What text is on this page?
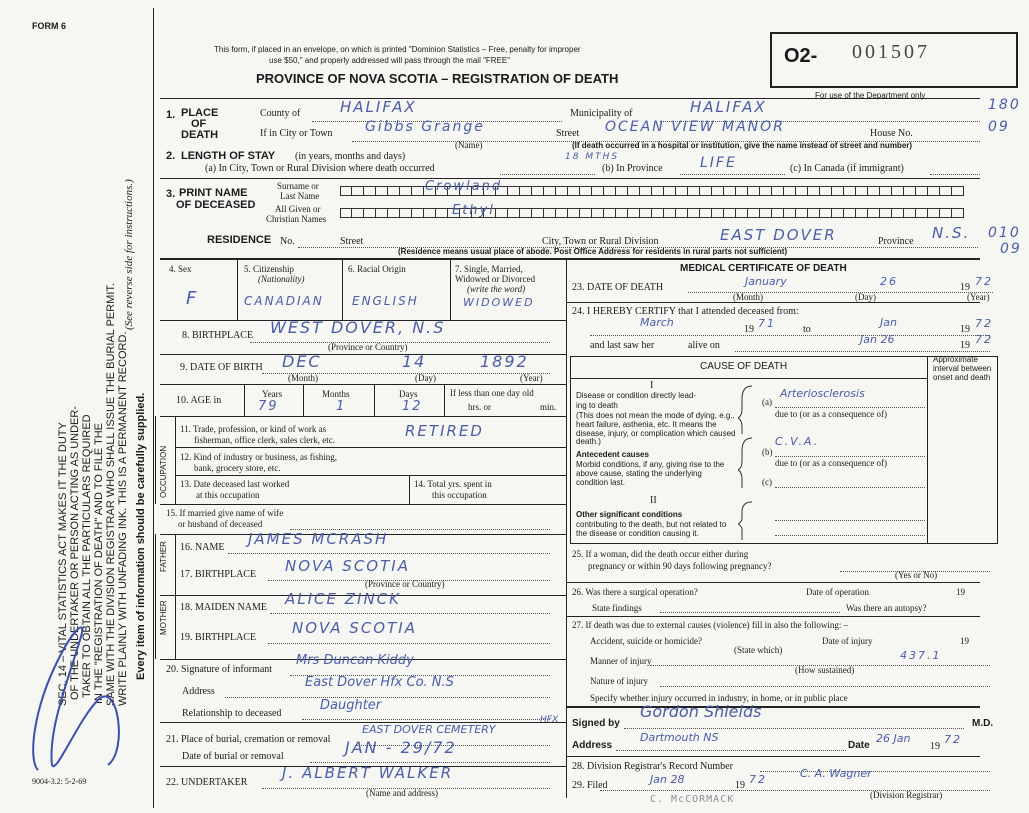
FORM 6
SEC. 14 – VITAL STATISTICS ACT MAKES IT THE DUTY OF THE UNDERTAKER OR PERSON ACTING AS UNDER- TAKER TO OBTAIN ALL THE PARTICULARS REQUIRED IN THE "REGISTRATION OF DEATH" AND TO FILE THE SAME WITH THE DIVISION REGISTRAR WHO SHALL ISSUE THE BURIAL PERMIT. WRITE PLAINLY WITH UNFADING INK. THIS IS A PERMANENT RECORD.
(See reverse side for instructions.)
Every item of information should be carefully supplied.
9004-3.2: 5-2-69
This form, if placed in an envelope, on which is printed "Dominion Statistics – Free, penalty for improper
use $50," and properly addressed will pass through the mail "FREE"
PROVINCE OF NOVA SCOTIA – REGISTRATION OF DEATH
O2- 001507
For use of the Department only
180
09
010
09
1. PLACE
OF
DEATH
County of	HALIFAX	Municipality of	HALIFAX
If in City or Town Gibbs Grange	Street OCEAN VIEW MANOR	House No.
(Name)	(If death occurred in a hospital or institution, give the name instead of street and number)
2. LENGTH OF STAY (in years, months and days)
(a) In City, Town or Rural Division where death occurred
18 MTHS
(b) In Province	LIFE	(c) In Canada (if immigrant)
3. PRINT NAME
OF DECEASED
Surname or
Last Name
All Given or
Christian Names
Crowland
Ethyl
RESIDENCE No.	Street	City, Town or Rural Division	EAST DOVER	Province N.S.
(Residence means usual place of abode. Post Office Address for residents in rural parts not sufficient)
4. Sex
F
5. Citizenship
(Nationality)
CANADIAN
6. Racial Origin
ENGLISH
7. Single, Married,
Widowed or Divorced
(write the word)
WIDOWED
8. BIRTHPLACE WEST DOVER, N.S
(Province or Country)
9. DATE OF BIRTH DEC	14	1892
(Month)	(Day)	(Year)
10. AGE in
Years	Months	Days
79	1	12
If less than one day old
hrs. or	min.
OCCUPATION
11. Trade, profession, or kind of work as
fisherman, office clerk, sales clerk, etc.	RETIRED
12. Kind of industry or business, as fishing,
bank, grocery store, etc.
13. Date deceased last worked
at this occupation
14. Total yrs. spent in
this occupation
15. If married give name of wife
or husband of deceased
FATHER 16. NAME JAMES MCRASH
17. BIRTHPLACE NOVA SCOTIA
(Province or Country)
MOTHER 18. MAIDEN NAME ALICE ZINCK
19. BIRTHPLACE
NOVA SCOTIA
20. Signature of informant
Mrs Duncan Kiddy
Address
East Dover Hfx Co. N.S
Relationship to deceased
Daughter
21. Place of burial, cremation or removal
EAST DOVER CEMETERY
HFX
Date of burial or removal	JAN - 29/72
22. UNDERTAKER
J. ALBERT WALKER
(Name and address)
MEDICAL CERTIFICATE OF DEATH
23. DATE OF DEATH	January	26	19 72
(Month)	(Day)	(Year)
24. I HEREBY CERTIFY that I attended deceased from:
March
19 71	to
Jan
19 72
and last saw her	alive on	Jan 26	19 72
CAUSE OF DEATH
Approximate interval between onset and death
I
Disease or condition directly lead-
ing to death
(This does not mean the mode of dying, e.g., heart failure, asthenia, etc. It means the disease, injury, or complication which caused death.)
(a)
Arteriosclerosis
due to (or as a consequence of)
Antecedent causes
Morbid conditions, if any, giving rise to the above cause, stating the underlying condition last.
(b)
C.V.A.
due to (or as a consequence of)
(c)
II
Other significant conditions
contributing to the death, but not related to the disease or condition causing it.
25. If a woman, did the death occur either during
pregnancy or within 90 days following pregnancy?
(Yes or No)
26. Was there a surgical operation?	Date of operation	19
State findings	Was there an autopsy?
27. If death was due to external causes (violence) fill in also the following: –
Accident, suicide or homicide?	Date of injury	19
(State which)
Manner of injury	437.1
(How sustained)
Nature of injury
Specify whether injury occurred in industry, in home, or in public place
Signed by
Gordon Shields
M.D.
Address
Dartmouth NS
Date
26 Jan
19
72
28. Division Registrar's Record Number
29. Filed	Jan 28	19 72	C. A. Wagner
(Division Registrar)
C. McCORMACK
